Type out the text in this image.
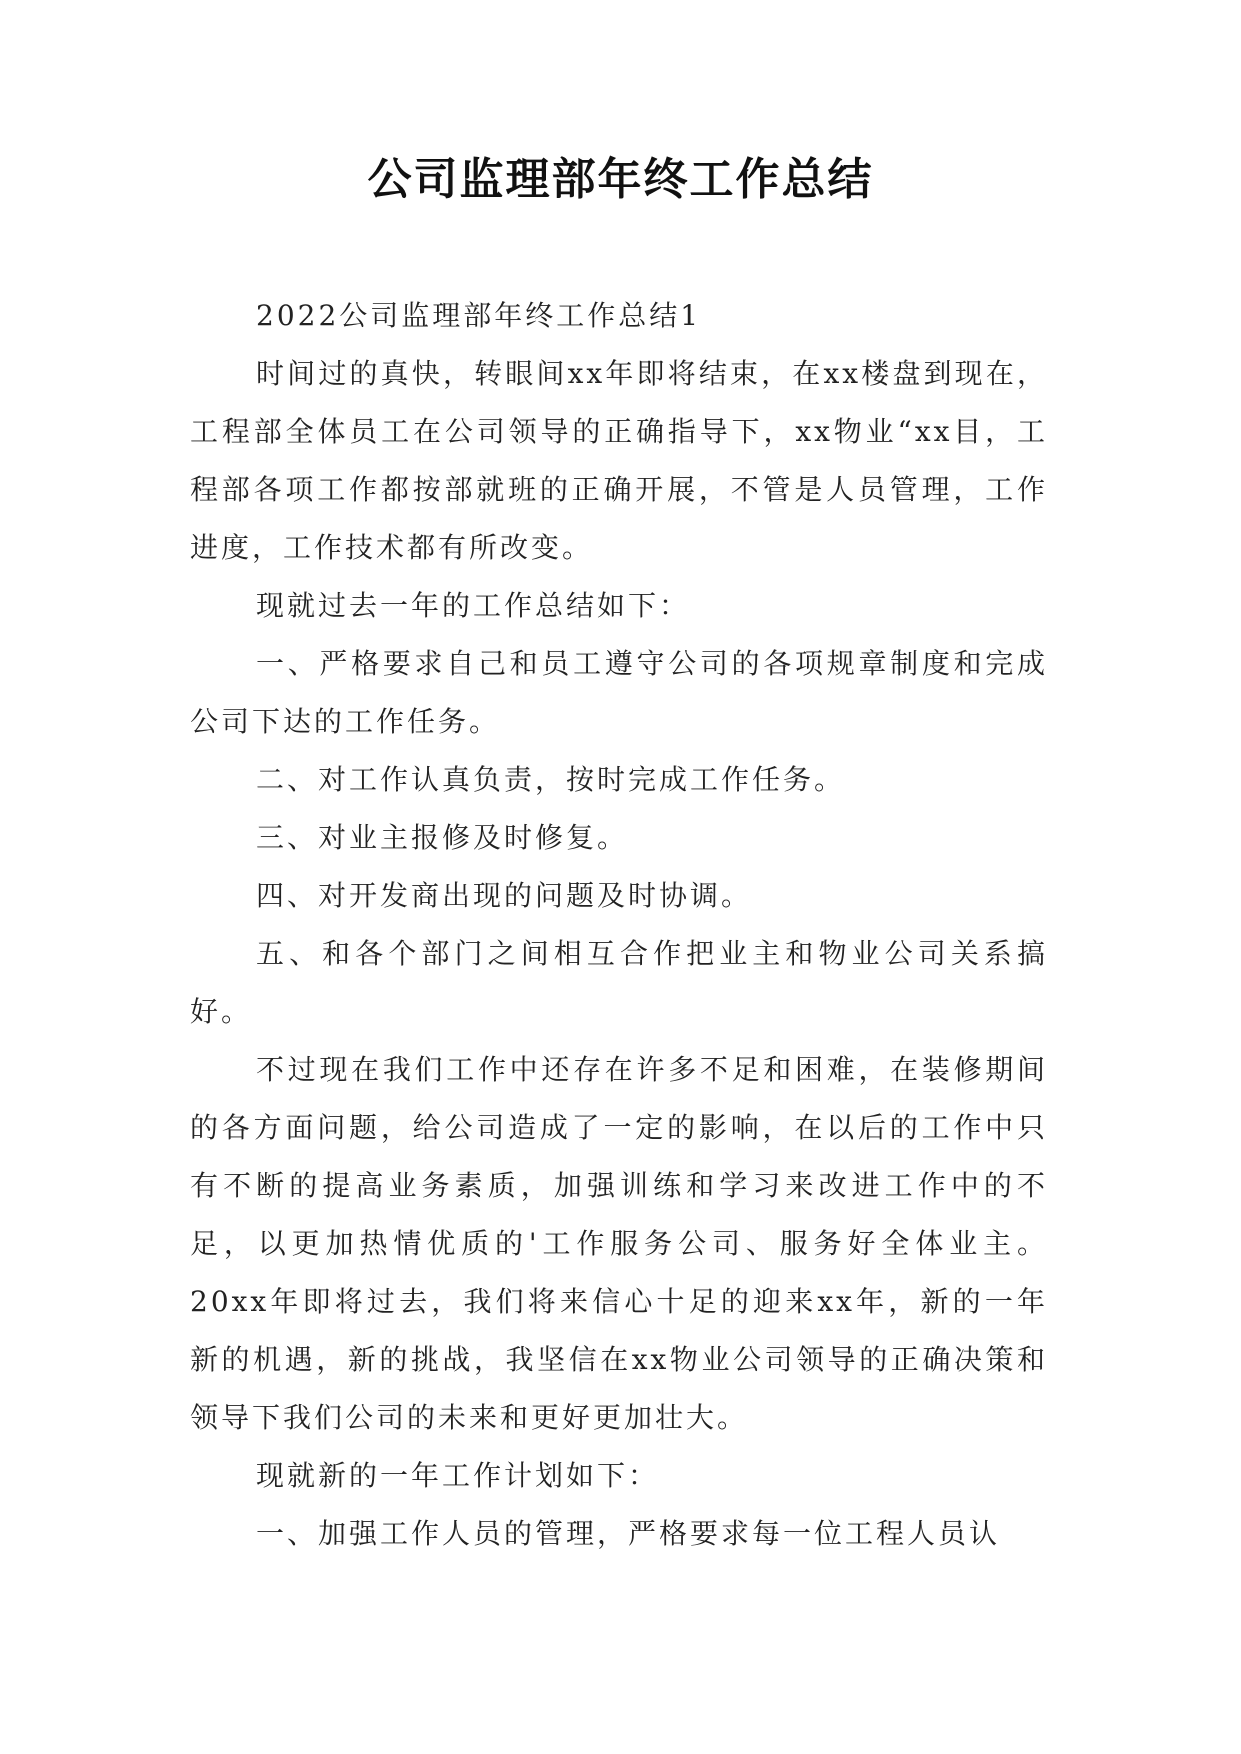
公司监理部年终工作总结

2022公司监理部年终工作总结1

时间过的真快，转眼间xx年即将结束，在xx楼盘到现在，工程部全体员工在公司领导的正确指导下，xx物业“xx目，工程部各项工作都按部就班的正确开展，不管是人员管理，工作进度，工作技术都有所改变。

现就过去一年的工作总结如下：

一、严格要求自己和员工遵守公司的各项规章制度和完成公司下达的工作任务。

二、对工作认真负责，按时完成工作任务。

三、对业主报修及时修复。

四、对开发商出现的问题及时协调。

五、和各个部门之间相互合作把业主和物业公司关系搞好。

不过现在我们工作中还存在许多不足和困难，在装修期间的各方面问题，给公司造成了一定的影响，在以后的工作中只有不断的提高业务素质，加强训练和学习来改进工作中的不足，以更加热情优质的'工作服务公司、服务好全体业主。20xx年即将过去，我们将来信心十足的迎来xx年，新的一年新的机遇，新的挑战，我坚信在xx物业公司领导的正确决策和领导下我们公司的未来和更好更加壮大。

现就新的一年工作计划如下：

一、加强工作人员的管理，严格要求每一位工程人员认
